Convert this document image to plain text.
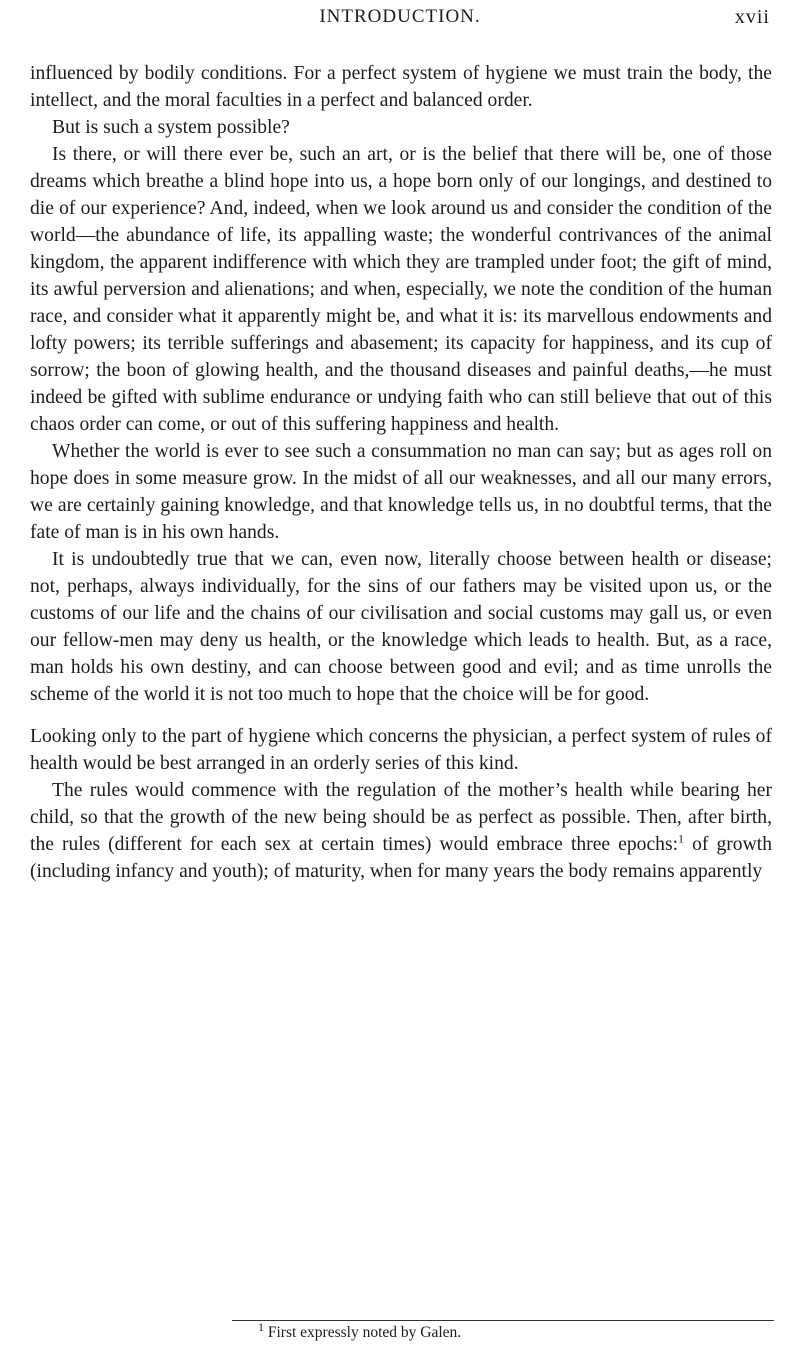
INTRODUCTION.	xvii

influenced by bodily conditions. For a perfect system of hygiene we must train the body, the intellect, and the moral faculties in a perfect and balanced order.

But is such a system possible?

Is there, or will there ever be, such an art, or is the belief that there will be, one of those dreams which breathe a blind hope into us, a hope born only of our longings, and destined to die of our experience? And, indeed, when we look around us and consider the condition of the world—the abundance of life, its appalling waste; the wonderful contrivances of the animal kingdom, the apparent indifference with which they are trampled under foot; the gift of mind, its awful perversion and alienations; and when, especially, we note the condition of the human race, and consider what it apparently might be, and what it is: its marvellous endowments and lofty powers; its terrible sufferings and abasement; its capacity for happiness, and its cup of sorrow; the boon of glowing health, and the thousand diseases and painful deaths,—he must indeed be gifted with sublime endurance or undying faith who can still believe that out of this chaos order can come, or out of this suffering happiness and health.

Whether the world is ever to see such a consummation no man can say; but as ages roll on hope does in some measure grow. In the midst of all our weaknesses, and all our many errors, we are certainly gaining knowledge, and that knowledge tells us, in no doubtful terms, that the fate of man is in his own hands.

It is undoubtedly true that we can, even now, literally choose between health or disease; not, perhaps, always individually, for the sins of our fathers may be visited upon us, or the customs of our life and the chains of our civilisation and social customs may gall us, or even our fellow-men may deny us health, or the knowledge which leads to health. But, as a race, man holds his own destiny, and can choose between good and evil; and as time unrolls the scheme of the world it is not too much to hope that the choice will be for good.

Looking only to the part of hygiene which concerns the physician, a perfect system of rules of health would be best arranged in an orderly series of this kind.

The rules would commence with the regulation of the mother’s health while bearing her child, so that the growth of the new being should be as perfect as possible. Then, after birth, the rules (different for each sex at certain times) would embrace three epochs:$^1$ of growth (including infancy and youth); of maturity, when for many years the body remains apparently

$^1$ First expressly noted by Galen.
